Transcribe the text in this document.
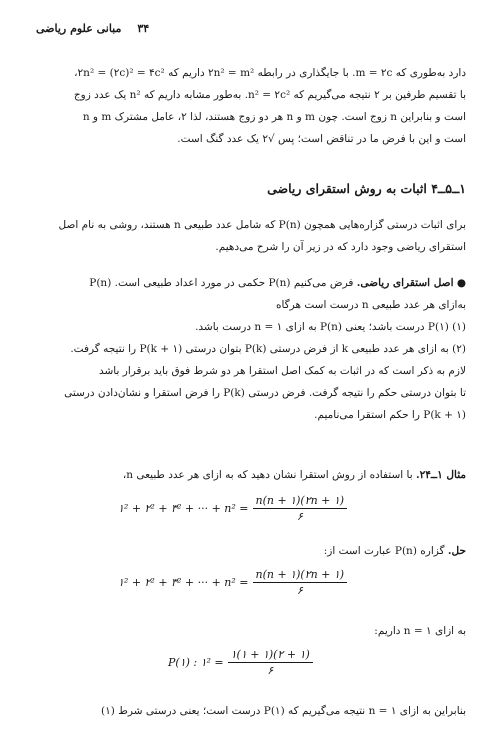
۳۴
مبانی علوم ریاضی
دارد به‌طوری که m = ۲c. با جایگذاری در رابطه ۲n² = m² داریم که ۲n² = (۲c)² = ۴c²،
با تقسیم طرفین بر ۲ نتیجه می‌گیریم که n² = ۲c². به‌طور مشابه داریم که n² یک عدد زوج
است و بنابراین n زوج است. چون m و n هر دو زوج هستند، لذا ۲، عامل مشترک m و n
است و این با فرض ما در تناقض است؛ پس √۲ یک عدد گنگ است.
۱ــ۵ــ۴ اثبات به روش استقرای ریاضی
برای اثبات درستی گزاره‌هایی همچون P(n) که شامل عدد طبیعی n هستند، روشی به نام اصل
استقرای ریاضی وجود دارد که در زیر آن را شرح می‌دهیم.
● اصل استقرای ریاضی. فرض می‌کنیم P(n) حکمی در مورد اعداد طبیعی است. P(n)
به‌ازای هر عدد طبیعی n درست است هرگاه
(۱) P(۱) درست باشد؛ یعنی P(n) به ازای n = ۱ درست باشد.
(۲) به ازای هر عدد طبیعی k از فرض درستی P(k) بتوان درستی P(k + ۱) را نتیجه گرفت.
لازم به ذکر است که در اثبات به کمک اصل استقرا هر دو شرط فوق باید برقرار باشد
تا بتوان درستی حکم را نتیجه گرفت. فرض درستی P(k) را فرض استقرا و نشان‌دادن درستی
P(k + ۱) را حکم استقرا می‌نامیم.
مثال ۱ــ۲۴. با استفاده از روش استقرا نشان دهید که به ازای هر عدد طبیعی n،
۱² + ۲² + ۳² + ··· + $n^2 = \frac{n(n + ۱)(۲n + ۱)}{۶}$
حل. گزاره P(n) عبارت است از:
۱² + ۲² + ۳² + ··· + $n^2 = \frac{n(n + ۱)(۲n + ۱)}{۶}$
به ازای n = ۱ داریم:
P(۱) : ۱² = $\frac{۱(۱ + ۱)(۲ + ۱)}{۶}$
بنابراین به ازای n = ۱ نتیجه می‌گیریم که P(۱) درست است؛ یعنی درستی شرط (۱)
